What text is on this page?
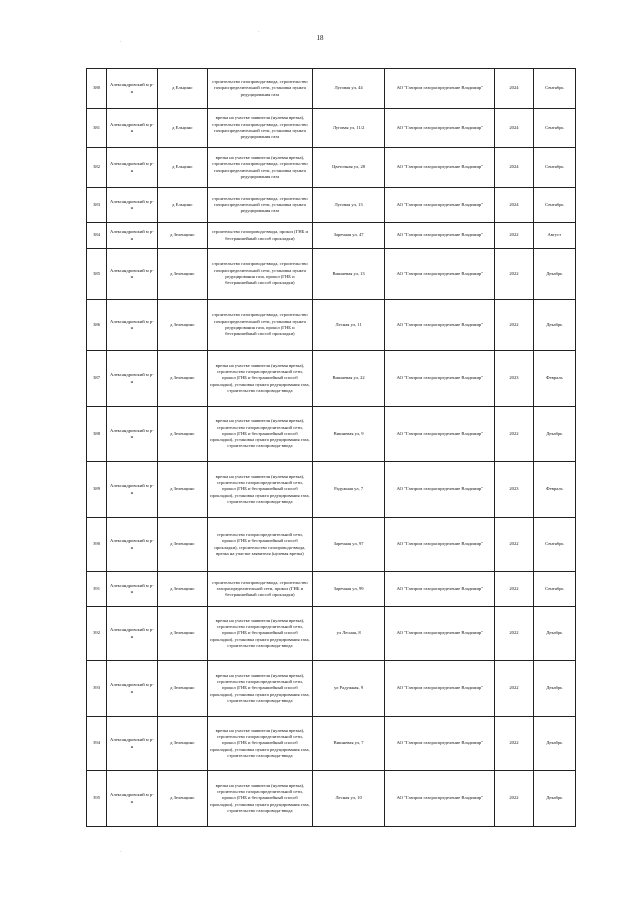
18
·
·
·
380	Александровский м р-н	д Ельцино	строительство газопровода-ввода, строительство газораспределительной сети, установка пункта редуцирования газа	Луговая ул, 44	АО "Газпром газораспределение Владимир"	2024	Сентябрь
381	Александровский м р-н	д Ельцино	врезка на участке заявителя (нулевая врезка), строительство газопровода-ввода, строительство газораспределительной сети, установка пункта редуцирования газа	Луговая ул, 11/2	АО "Газпром газораспределение Владимир"	2024	Сентябрь
382	Александровский м р-н	д Ельцино	врезка на участке заявителя (нулевая врезка), строительство газопровода-ввода, строительство газораспределительной сети, установка пункта редуцирования газа	Цветочная ул, 28	АО "Газпром газораспределение Владимир"	2024	Сентябрь
383	Александровский м р-н	д Ельцино	строительство газопровода-ввода, строительство газораспределительной сети, установка пункта редуцирования газа	Луговая ул, 13	АО "Газпром газораспределение Владимир"	2024	Сентябрь
384	Александровский м р-н	д Зеленцино	строительство газопровода-ввода, прокол (ГНБ и бестраншейный способ прокладки)	Заречная ул, 47	АО "Газпром газораспределение Владимир"	2022	Август
385	Александровский м р-н	д Зеленцино	строительство газопровода-ввода, строительство газораспределительной сети, установка пункта редуцирования газа, прокол (ГНБ и бестраншейный способ прокладки)	Вишневая ул, 13	АО "Газпром газораспределение Владимир"	2022	Декабрь
386	Александровский м р-н	д Зеленцино	строительство газопровода-ввода, строительство газораспределительной сети, установка пункта редуцирования газа, прокол (ГНБ и бестраншейный способ прокладки)	Лесная ул, 11	АО "Газпром газораспределение Владимир"	2022	Декабрь
387	Александровский м р-н	д Зеленцино	врезка на участке заявителя (нулевая врезка), строительство газораспределительной сети, прокол (ГНБ и бестраншейный способ прокладки), установка пункта редуцирования газа, строительство газопровода-ввода	Вишневая ул, 22	АО "Газпром газораспределение Владимир"	2023	Февраль
388	Александровский м р-н	д Зеленцино	врезка на участке заявителя (нулевая врезка), строительство газораспределительной сети, прокол (ГНБ и бестраншейный способ прокладки), установка пункта редуцирования газа, строительство газопровода-ввода	Вишневая ул, 9	АО "Газпром газораспределение Владимир"	2022	Декабрь
389	Александровский м р-н	д Зеленцино	врезка на участке заявителя (нулевая врезка), строительство газораспределительной сети, прокол (ГНБ и бестраншейный способ прокладки), установка пункта редуцирования газа, строительство газопровода-ввода	Радужная ул, 7	АО "Газпром газораспределение Владимир"	2023	Февраль
390	Александровский м р-н	д Зеленцино	строительство газораспределительной сети, прокол (ГНБ и бестраншейный способ прокладки), строительство газопровода-ввода, врезка на участке заявителя (нулевая врезка)	Заречная ул, 97	АО "Газпром газораспределение Владимир"	2022	Сентябрь
391	Александровский м р-н	д Зеленцино	строительство газопровода-ввода, строительство газораспределительной сети, прокол (ГНБ и бестраншейный способ прокладки)	Заречная ул, 99	АО "Газпром газораспределение Владимир"	2022	Сентябрь
392	Александровский м р-н	д Зеленцино	врезка на участке заявителя (нулевая врезка), строительство газораспределительной сети, прокол (ГНБ и бестраншейный способ прокладки), установка пункта редуцирования газа, строительство газопровода-ввода	ул Лесная, 8	АО "Газпром газораспределение Владимир"	2022	Декабрь
393	Александровский м р-н	д Зеленцино	врезка на участке заявителя (нулевая врезка), строительство газораспределительной сети, прокол (ГНБ и бестраншейный способ прокладки), установка пункта редуцирования газа, строительство газопровода-ввода	ул Радужная, 9	АО "Газпром газораспределение Владимир"	2022	Декабрь
394	Александровский м р-н	д Зеленцино	врезка на участке заявителя (нулевая врезка), строительство газораспределительной сети, прокол (ГНБ и бестраншейный способ прокладки), установка пункта редуцирования газа, строительство газопровода-ввода	Вишневая ул, 7	АО "Газпром газораспределение Владимир"	2022	Декабрь
395	Александровский м р-н	д Зеленцино	врезка на участке заявителя (нулевая врезка), строительство газораспределительной сети, прокол (ГНБ и бестраншейный способ прокладки), установка пункта редуцирования газа, строительство газопровода-ввода	Лесная ул, 10	АО "Газпром газораспределение Владимир"	2022	Декабрь
